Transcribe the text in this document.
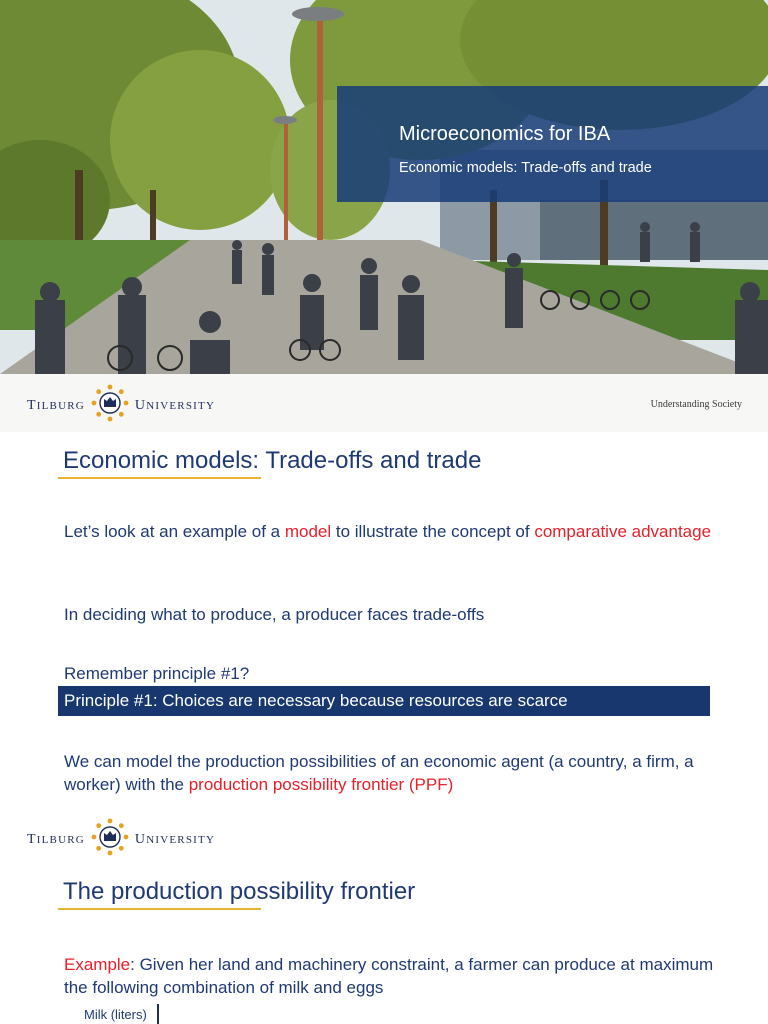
Microeconomics for IBA
Economic models: Trade-offs and trade
TILBURG	UNIVERSITY	Understanding Society
Economic models: Trade-offs and trade
Let’s look at an example of a model to illustrate the concept of comparative advantage
In deciding what to produce, a producer faces trade-offs
Remember principle #1?
Principle #1: Choices are necessary because resources are scarce
We can model the production possibilities of an economic agent (a country, a firm, a worker) with the production possibility frontier (PPF)
TILBURG	UNIVERSITY
The production possibility frontier
Example: Given her land and machinery constraint, a farmer can produce at maximum the following combination of milk and eggs
Milk (liters)
